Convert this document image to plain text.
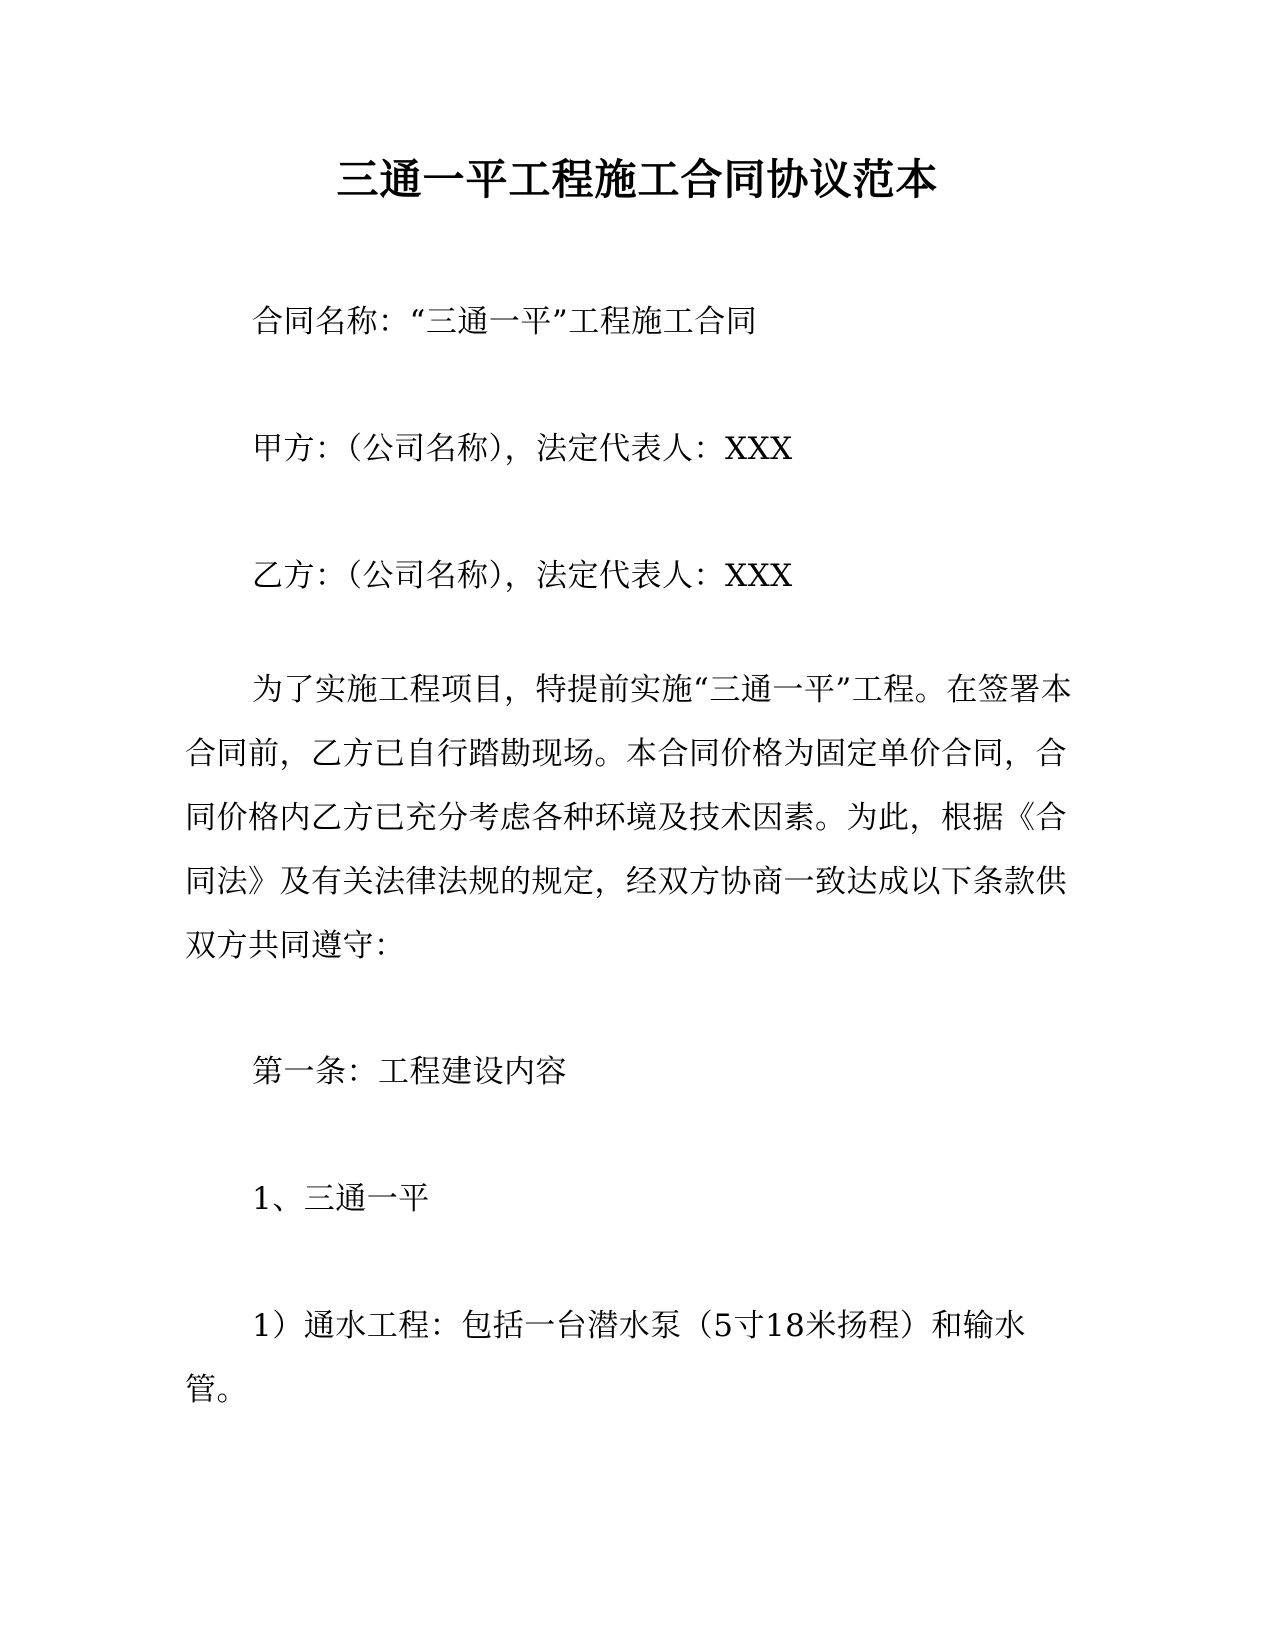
三通一平工程施工合同协议范本

合同名称：“三通一平”工程施工合同

甲方：（公司名称），法定代表人：XXX

乙方：（公司名称），法定代表人：XXX

为了实施工程项目，特提前实施“三通一平”工程。在签署本合同前，乙方已自行踏勘现场。本合同价格为固定单价合同，合同价格内乙方已充分考虑各种环境及技术因素。为此，根据《合同法》及有关法律法规的规定，经双方协商一致达成以下条款供双方共同遵守：

第一条：工程建设内容

1、三通一平

1）通水工程：包括一台潜水泵（5寸18米扬程）和输水管。
